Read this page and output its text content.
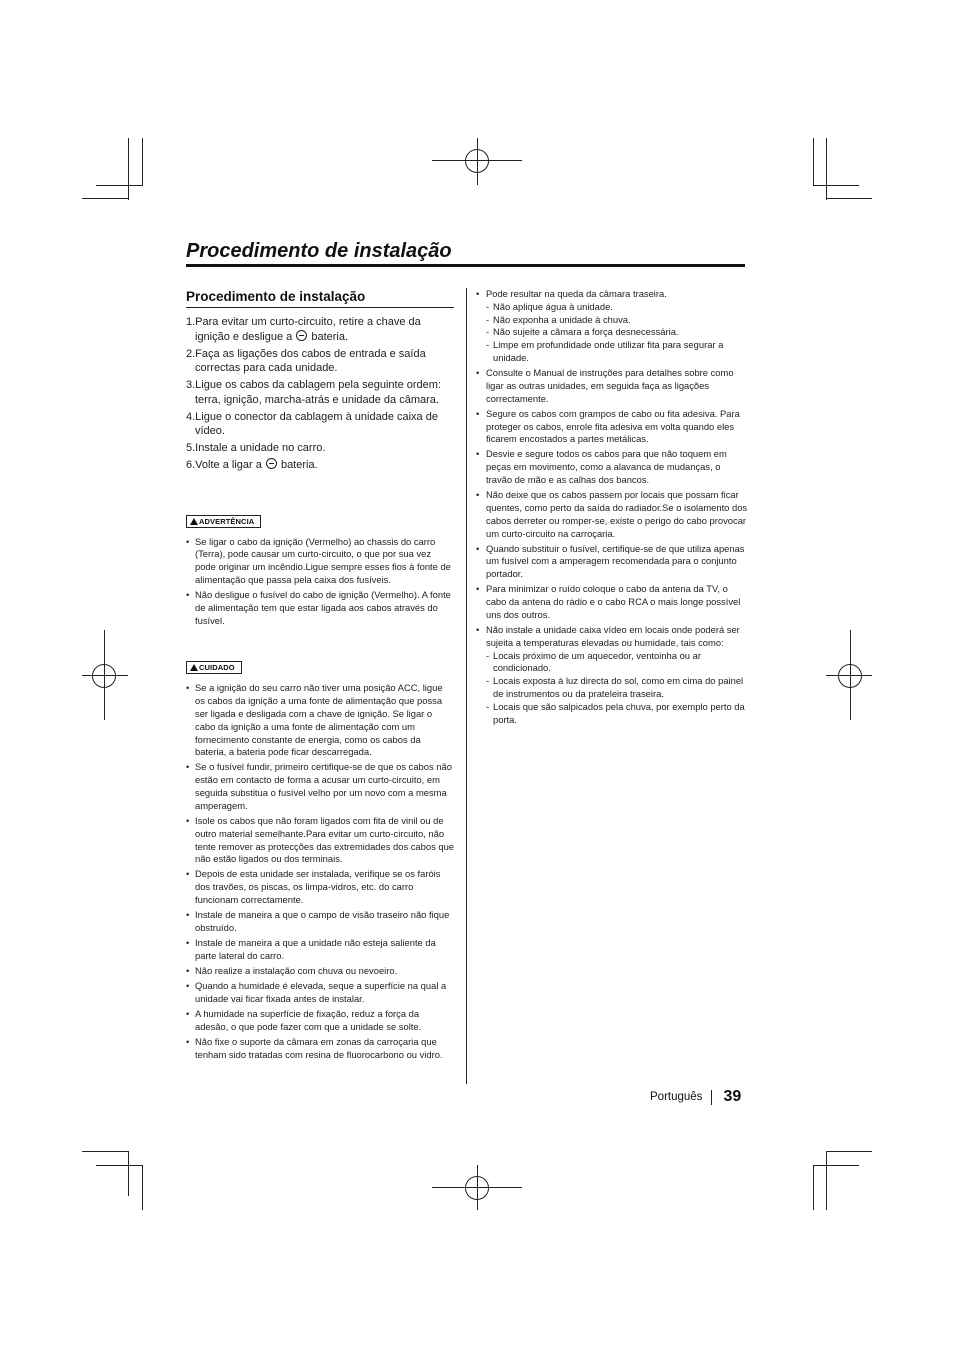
Procedimento de instalação
Procedimento de instalação
1.Para evitar um curto-circuito, retire a chave da ignição e desligue a  bateria.
2.Faça as ligações dos cabos de entrada e saída correctas para cada unidade.
3.Ligue os cabos da cablagem pela seguinte ordem: terra, ignição, marcha-atrás e unidade da câmara.
4.Ligue o conector da cablagem à unidade caixa de vídeo.
5.Instale a unidade no carro.
6.Volte a ligar a  bateria.
ADVERTÊNCIA
• Se ligar o cabo da ignição (Vermelho) ao chassis do carro (Terra), pode causar um curto-circuito, o que por sua vez pode originar um incêndio.Ligue sempre esses fios à fonte de alimentação que passa pela caixa dos fusíveis.
• Não desligue o fusível do cabo de ignição (Vermelho). A fonte de alimentação tem que estar ligada aos cabos através do fusível.
CUIDADO
• Se a ignição do seu carro não tiver uma posição ACC, ligue os cabos da ignição a uma fonte de alimentação que possa ser ligada e desligada com a chave de ignição. Se ligar o cabo da ignição a uma fonte de alimentação com um fornecimento constante de energia, como os cabos da bateria, a bateria pode ficar descarregada.
• Se o fusível fundir, primeiro certifique-se de que os cabos não estão em contacto de forma a acusar um curto-circuito, em seguida substitua o fusível velho por um novo com a mesma amperagem.
• Isole os cabos que não foram ligados com fita de vinil ou de outro material semelhante.Para evitar um curto-circuito, não tente remover as protecções das extremidades dos cabos que não estão ligados ou dos terminais.
• Depois de esta unidade ser instalada, verifique se os faróis dos travões, os piscas, os limpa-vidros, etc. do carro funcionam correctamente.
• Instale de maneira a que o campo de visão traseiro não fique obstruído.
• Instale de maneira a que a unidade não esteja saliente da parte lateral do carro.
• Não realize a instalação com chuva ou nevoeiro.
• Quando a humidade é elevada, seque a superfície na qual a unidade vai ficar fixada antes de instalar.
• A humidade na superfície de fixação, reduz a força da adesão, o que pode fazer com que a unidade se solte.
• Não fixe o suporte da câmara em zonas da carroçaria que tenham sido tratadas com resina de fluorocarbono ou vidro.
• Pode resultar na queda da câmara traseira.
- Não aplique água à unidade.
- Não exponha a unidade à chuva.
- Não sujeite a câmara a força desnecessária.
- Limpe em profundidade onde utilizar fita para segurar a unidade.
• Consulte o Manual de instruções para detalhes sobre como ligar as outras unidades, em seguida faça as ligações correctamente.
• Segure os cabos com grampos de cabo ou fita adesiva. Para proteger os cabos, enrole fita adesiva em volta quando eles ficarem encostados a partes metálicas.
• Desvie e segure todos os cabos para que não toquem em peças em movimento, como a alavanca de mudanças, o travão de mão e as calhas dos bancos.
• Não deixe que os cabos passem por locais que possam ficar quentes, como perto da saída do radiador.Se o isolamento dos cabos derreter ou romper-se, existe o perigo do cabo provocar um curto-circuito na carroçaria.
• Quando substituir o fusível, certifique-se de que utiliza apenas um fusível com a amperagem recomendada para o conjunto portador.
• Para minimizar o ruído coloque o cabo da antena da TV, o cabo da antena do rádio e o cabo RCA o mais longe possível uns dos outros.
• Não instale a unidade caixa vídeo em locais onde poderá ser sujeita a temperaturas elevadas ou humidade, tais como:
- Locais próximo de um aquecedor, ventoinha ou ar condicionado.
- Locais exposta à luz directa do sol, como em cima do painel de instrumentos ou da prateleira traseira.
- Locais que são salpicados pela chuva, por exemplo perto da porta.
Português 39
